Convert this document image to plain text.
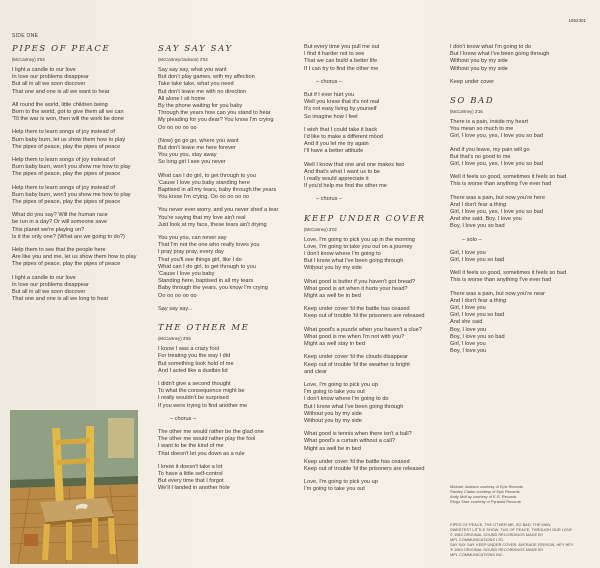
SIDE ONE
1652301
PIPES OF PEACE
(McCartney) 2'54
I light a candle to our love
In love our problems disappear
But all in all we soon discover
That one and one is all we want to hear
All round the world, little children being
Born to the world, got to give them all we can
'Til the war is won, then will the work be done
Help them to learn songs of joy instead of
Burn baby burn, let us show them how to play
The pipes of peace, play the pipes of peace
Help them to learn songs of joy instead of
Burn baby burn, won't you show me how to play
The pipes of peace, play the pipes of peace
Help them to learn songs of joy instead of
Burn baby burn, won't you show me how to play
The pipes of peace, play the pipes of peace
What do you say? Will the human race
be run in a day? Or will someone save
This planet we're playing on?
Is it the only one? (What are we going to do?)
Help them to see that the people here
Are like you and me, let us show them how to play
The pipes of peace, play the pipes of peace
I light a candle to our love
In love our problems disappear
But all in all we soon discover
That one and one is all we long to hear
SAY SAY SAY
(McCartney/Jackson) 3'54
Say say say, what you want
But don't play games, with my affection
Take take take, what you need
But don't leave me with no direction
All alone I sit home
By the phone waiting for you baby
Through the years how can you stand to hear
My pleading for you dear? You know I'm crying
Oo oo oo oo oo
(Now) go go go, where you want
But don't leave me here forever
You you you, stay away
So long girl I see you never
What can I do girl, to get through to you
'Cause I love you baby standing here
Baptised in all my tears, baby through the years
You know I'm crying. Oo oo oo oo oo
You never ever worry, and you never shed a tear
You're saying that my love ain't real
Just look at my face, these tears ain't drying
You you you, can never say
That I'm not the one who really loves you
I pray pray pray, every day
That you'll see things girl, like I do
What can I do girl, to get through to you
'Cause I love you baby
Standing here, baptised in all my tears
Baby through the years, you know I'm crying
Oo oo oo oo oo
Say say say...
THE OTHER ME
(McCartney) 3'56
I know I was a crazy fool
For treating you the way I did
But something took hold of me
And I acted like a dustbin lid
I didn't give a second thought
To what the consequence might be
I really wouldn't be surprised
If you were trying to find another me
– chorus –
The other me would rather be the glad one
The other me would rather play the fool
I want to be the kind of me
That doesn't let you down as a rule
I know it doesn't take a lot
To have a little self-control
But every time that I forgot
We'll I landed in another hole
But every time you pull me out
I find it harder not to see
That we can build a better life
If I can try to find the other me
– chorus –
But if I ever hurt you
Well you know that it's not real
It's not easy living by yourself
So imagine how I feel
I wish that I could take it back
I'd like to make a different mood
And if you let me try again
I'll have a better attitude
Well I know that one and one makes two
And that's what I want us to be
I really would appreciate it
If you'd help me find the other me
– chorus –
KEEP UNDER COVER
(McCartney) 3'02
Love, I'm going to pick you up in the morning
Love, I'm going to take you out on a journey
I don't know where I'm going to
But I know what I've been going through
Without you by my side
What good is butter if you haven't got bread?
What good is art when it hurts your head?
Might as well be in bed
Keep under cover 'til the battle has ceased
Keep out of trouble 'til the prisoners are released
What good's a puzzle when you haven't a clue?
What good is me when I'm not with you?
Might as well stay in bed
Keep under cover 'til the clouds disappear
Keep out of trouble 'til the weather is bright
and clear
Love, I'm going to pick you up
I'm going to take you out
I don't know where I'm going to do
But I know what I've been going through
Without you by my side
Without you by my side
What good is tennis when there isn't a ball?
What good's a curtain without a call?
Might as well be in bed
Keep under cover 'til the battle has ceased
Keep out of trouble 'til the prisoners are released
Love, I'm going to pick you up
I'm going to take you out
I don't know what I'm going to do
But I know what I've been going through
Without you by my side
Without you by my side
Keep under cover
SO BAD
(McCartney) 3'16
There is a pain, inside my heart
You mean so much to me
Girl, I love you, yes, I love you so bad
And if you leave, my pain will go
But that's no good to me
Girl, I love you, yes, I love you so bad
Well it feels so good, sometimes it feels so bad
This is worse than anything I've ever had
There was a pain, but now you're here
And I don't fear a thing
Girl, I love you, yes, I love you so bad
And she said, Boy, I love you
Boy, I love you so bad
– solo –
Girl, I love you
Girl, I love you so bad
Well it feels so good, sometimes it feels so bad
This is worse than anything I've ever had
There was a pain, but now you're near
And I don't fear a thing
Girl, I love you
Girl, I love you so bad
And she said
Boy, I love you
Boy, I love you so bad
Girl, I love you
Boy, I love you
Michael Jackson courtesy of Epic Records
Stanley Clarke courtesy of Epic Records
Andy McKay courtesy of E.G. Records
Ringo Starr courtesy of Pyramid Records
PIPES OF PEACE, THE OTHER ME, SO BAD, THE MAN,
SWEETEST LITTLE SHOW, TUG OF PEACE, THROUGH OUR LOVE
© 1983 ORIGINAL SOUND RECORDINGS MADE BY
MPL COMMUNICATIONS LTD.
SAY SAY SAY, KEEP UNDER COVER, AVERAGE PERSON, HEY HEY
℗ 1983 ORIGINAL SOUND RECORDINGS MADE BY
MPL COMMUNICATIONS INC.
